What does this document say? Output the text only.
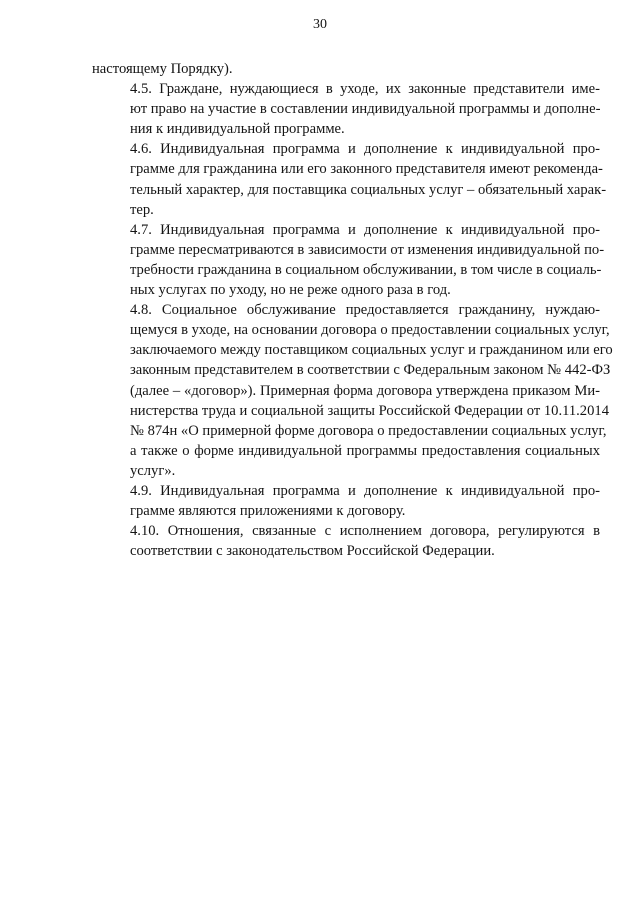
30
настоящему Порядку).
4.5. Граждане, нуждающиеся в уходе, их законные представители име-
ют право на участие в составлении индивидуальной программы и дополне-
ния к индивидуальной программе.
4.6. Индивидуальная программа и дополнение к индивидуальной про-
грамме для гражданина или его законного представителя имеют рекоменда-
тельный характер, для поставщика социальных услуг – обязательный харак-
тер.
4.7. Индивидуальная программа и дополнение к индивидуальной про-
грамме пересматриваются в зависимости от изменения индивидуальной по-
требности гражданина в социальном обслуживании, в том числе в социаль-
ных услугах по уходу, но не реже одного раза в год.
4.8. Социальное обслуживание предоставляется гражданину, нуждаю-
щемуся в уходе, на основании договора о предоставлении социальных услуг,
заключаемого между поставщиком социальных услуг и гражданином или его
законным представителем в соответствии с Федеральным законом № 442-ФЗ
(далее – «договор»). Примерная форма договора утверждена приказом Ми-
нистерства труда и социальной защиты Российской Федерации от 10.11.2014
№ 874н «О примерной форме договора о предоставлении социальных услуг,
а также о форме индивидуальной программы предоставления социальных
услуг».
4.9. Индивидуальная программа и дополнение к индивидуальной про-
грамме являются приложениями к договору.
4.10. Отношения, связанные с исполнением договора, регулируются в
соответствии с законодательством Российской Федерации.
